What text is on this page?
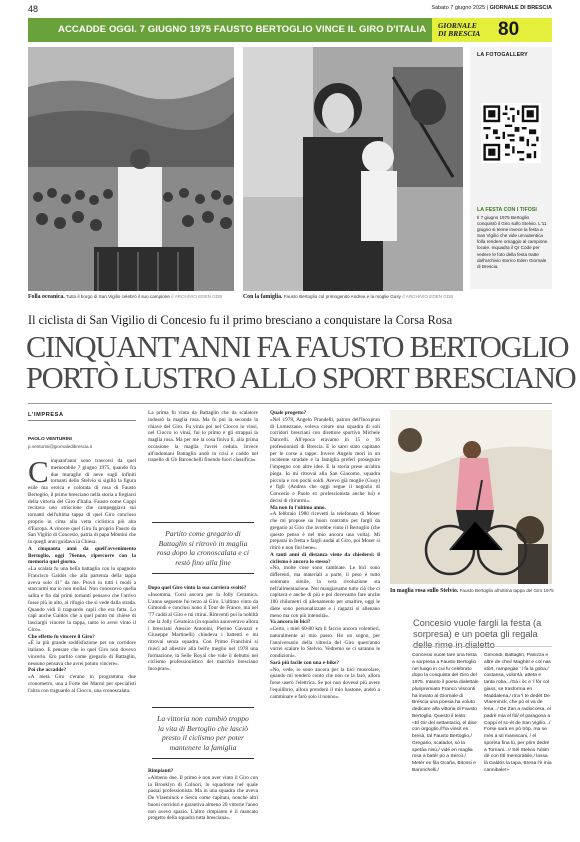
48	Sabato 7 giugno 2025 | GIORNALE DI BRESCIA
ACCADDE OGGI. 7 GIUGNO 1975 FAUSTO BERTOGLIO VINCE IL GIRO D'ITALIA GIORNALE
DI BRESCIA 80
Folla oceanica. Tutto il borgo di San Vigilio celebrò il suo campione // ARCHIVIO EDEN GDB	Con la famiglia. Fausto Bertoglio col primogenito Andrea e la moglie Gusy // ARCHIVIO EDEN GDB
LA FOTOGALLERY
LA FESTA CON I TIFOSI
Il 7 giugno 1975 Bertoglio conquistò il Giro sullo Stelvio. L'11 giugno si tenne invece la festa a San Vigilio che vide un'autentica folla rendere omaggio al campione locale. Inquadra il Qr Code per vedere le foto della festa tratte dall'archivio storico Eden Giornale di Brescia.
Il ciclista di San Vigilio di Concesio fu il primo bresciano a conquistare la Corsa Rosa
CINQUANT'ANNI FA FAUSTO BERTOGLIO
PORTÒ LUSTRO ALLO SPORT BRESCIANO
L'IMPRESA
PAOLO VENTURINI
p.venturini@giornaledibrescia.it

Cinquant'anni sono trascorsi da quel memorabile 7 giugno 1975, quando fra due muraglie di neve sugli infiniti tornanti dello Stelvio si sigillò la figura esile ma eroica e colorata di rosa di Fausto Bertoglio, il primo bresciano nella storia a fregiarsi della vittoria del Giro d'Italia. Fausto come Coppi recitava uno striscione che campeggiava sui tornanti dell'ultima tappa di quel Giro concluso proprio in cima alla vetta ciclistica più alta d'Europa. A vincere quel Giro fu proprio Fausto da San Vigilio di Concesio, patria di papa Montini che in quegli anni guidava la Chiesa.

A cinquanta anni da quell'avvenimento Bertoglio, oggi 76enne, ripercorre con la memoria quel giorno.

«La scalata fu una bella battaglia con lo spagnolo Francisco Galdós che alla partenza della tappa aveva solo 41" da me. Provò in tutti i modi a staccarmi ma io non mollai. Non conoscevo quella salita e fin dai primi tornanti pensavo che l'arrivo fosse più in alto, al rifugio che si vede dalla strada. Quando vidi il traguardo capii che era fatta. Lo capì anche Galdós che a quel punto mi chiese di lasciargli vincere la tappa, tanto io avrei vinto il Giro».

Che effetto fu vincere il Giro?

«È la più grande soddisfazione per un corridore italiano. E pensare che io quel Giro non dovevo vincerlo. Ero partito come gregario di Battaglin, nessuno pensava che avrei potuto vincere».

Poi che accadde?

«A metà Giro c'erano in programma due cronometro, una a Forte dei Marmi per specialisti l'altra con traguardo al Ciocco, una cronoscalata.

La prima fu vinta da Battaglin che da scalatore indossò la maglia rosa. Ma fu poi la seconda la chiave del Giro. Fu vinta poi nel Ciocco io vinsi, nel Ciocco io vinsi, fui lo primo e gli strappai la maglia rosa. Ma per me la cosa finiva lì, alla prima occasione la maglia l'avrei ceduta. Invece all'indomani Battaglin andò in crisi e caddo nel tranello di Gb Baronchelli finendo fuori classifica».

Partito come gregario di Battaglin si ritrovò in maglia rosa dopo la cronoscalata e ci restò fino alla fine

Dopo quel Giro vinto la sua carriera svoltò?

«Insomma. Corsi ancora per la Jolly Ceramica. L'anno seguente fui terzo al Giro. L'ultimo vinto da Gimondi e conclusi nono il Tour de France, ma nel '77 caddi al Giro e mi ritirai. Rimventi poi la nobiltà che la Jolly Ceramica (in squadra annoveravo allora i bresciani Alessio Antonini, Pierino Gavazzi e Giuseppe Martinelli) chiudeva i battenti e mi ritrovai senza squadra. Con Primo Franchini si riuscì ad allestire alla bell'e meglio nel 1978 una formazione, la Selle Royal che vide il debutto nel ciclismo professionistico del marchio bresciano Inoxpran».

La vittoria non cambiò troppo la vita di Bertoglio che lasciò presto il ciclismo per poter mantenere la famiglia

Rimpianti?

«Almeno due. Il primo è non aver vinto il Giro con la Brooklyn di Colnori, lo squadrone nel quale passai professionista. Ma in una squadra che aveva De Vlaeminck e Sercu come capitani, nonché altri buoni corridori e garantiva almeno 20 vittorie l'anno non avevo spazio. L'altro rimpianto è il mancato progetto della squadra tutta bresciana».

Quale progetto?

«Nel 1978, Angelo Prandelli, patron dell'Inoxpran di Lumezzane, voleva creare una squadra di soli corridori bresciani con direttore sportivo Michele Dancelli. All'epoca eravamo in 15 o 16 professionisti di Brescia. E io sarei stato capitano per le corse a tappe. Invece Angelo morì in un incidente stradale e la famiglia preferì proseguire l'impegno con altre idee. E la storia prese un'altra piega. Io mi ritrovai alla San Giacomo, squadra piccola e con pochi soldi. Avevo già moglie (Gusy) e figli (Andrea che oggi segue il negozio di Concesio e Paolo ex professionista anche lui) e decisi di ritirarmi».

Ma non fu l'ultimo anno.

«A febbraio 1980 ricevetti la telefonata di Moser che mi propose un buon contratto per fargli da gregario al Giro che avrebbe vinto il Bertoglio (che questo penso è nel mio ancora una volta). Mi preparai in fretta e fargli andai al Giro, poi Moser si ritirò e non finì bene».

A tanti anni di distanza viene da chiedersi: il ciclismo è ancora lo stesso?

«No, molte cose sono cambiate. Le bici sono differenti, ma materiali a parte, il peso è tutto sommato simile, la vera rivoluzione sta nell'alimentazione. Noi mangiavamo tutto ciò che ci capitava e anche di più e poi dovevamo fare anche 180 chilometri di allenamento per smaltire, oggi le diete sono personalizzate e i ragazzi si allenano meno ma con più intensità».

Va ancora in bici?

«Certo, i miei 60-80 km li faccio ancora volentieri, naturalmente al mio passo. Ho un sogno, per l'anniversario della vittoria del Giro quest'anno vorrei scalare lo Stelvio. Vedremo se ci saranno le condizioni».

Sarà più facile con una e-bike?

«No, vede, io sono ancora per la bici muscolare, quando mi renderò conto che non ce la farò, allora forse userò l'elettrica. Se poi non dovessi più avere l'equilibrio, allora prenderò il mio bastone, andrò a camminare e farò solo il nonno».

In maglia rosa sullo Stelvio. Fausto Bertoglio all'ultima tappa del Giro 1975
Concesio vuole fargli la festa (a sorpresa) e un poeta gli regala delle rime in dialetto

Concesio vuole fare una festa a sorpresa a Fausto Bertoglio nel luogo in cui fu celebrato dopo la conquista del Giro del 1975. Intanto il poeta dialettale pluripremiato Franco Visconti ha inviato al Giornale di Brescia una poesia ha voluto dedicare alla vittoria di Fausto Bertoglio. Questo il testo:

«El Gir del settantaciq, el dise con orgoglio,/l'ha vinsìt en bresà, tal Fausto Bertoglio,/ Gregario, scalador, sò la spetàa nisù,/ vidé en maglia rosa a batér po a Sercù./ Metèr en fila Ocaña, Bitossi e Baronchelli,/

Gimondi, Battaglin, Panizza e altre de chei/ Maghèr e col nas stòrt, rampegàe ' l fa la goba,/ costansa, volontà, atteta e tanta roba.../Gà i òc e 'l fòr col giass, se trasforma en Maddalena,/ m'a 'l te dedèt De Vlaeminck, che pò el va de lena.../ De Zan a radiocorsa, el padrè mia el fòl/ el paragona a Coppi el sc-ét de San Vigilio.../ Forse sarà en pò tròp, ma se mès a sti maniscani, / el sporèta fina lù, per prim dedré a Torriani...!/ Sèl Stelvio l'ultim dè con tìtl memorabile,/ lassa là Galdós la tapa, Bresa l'è mia cannibale!»
